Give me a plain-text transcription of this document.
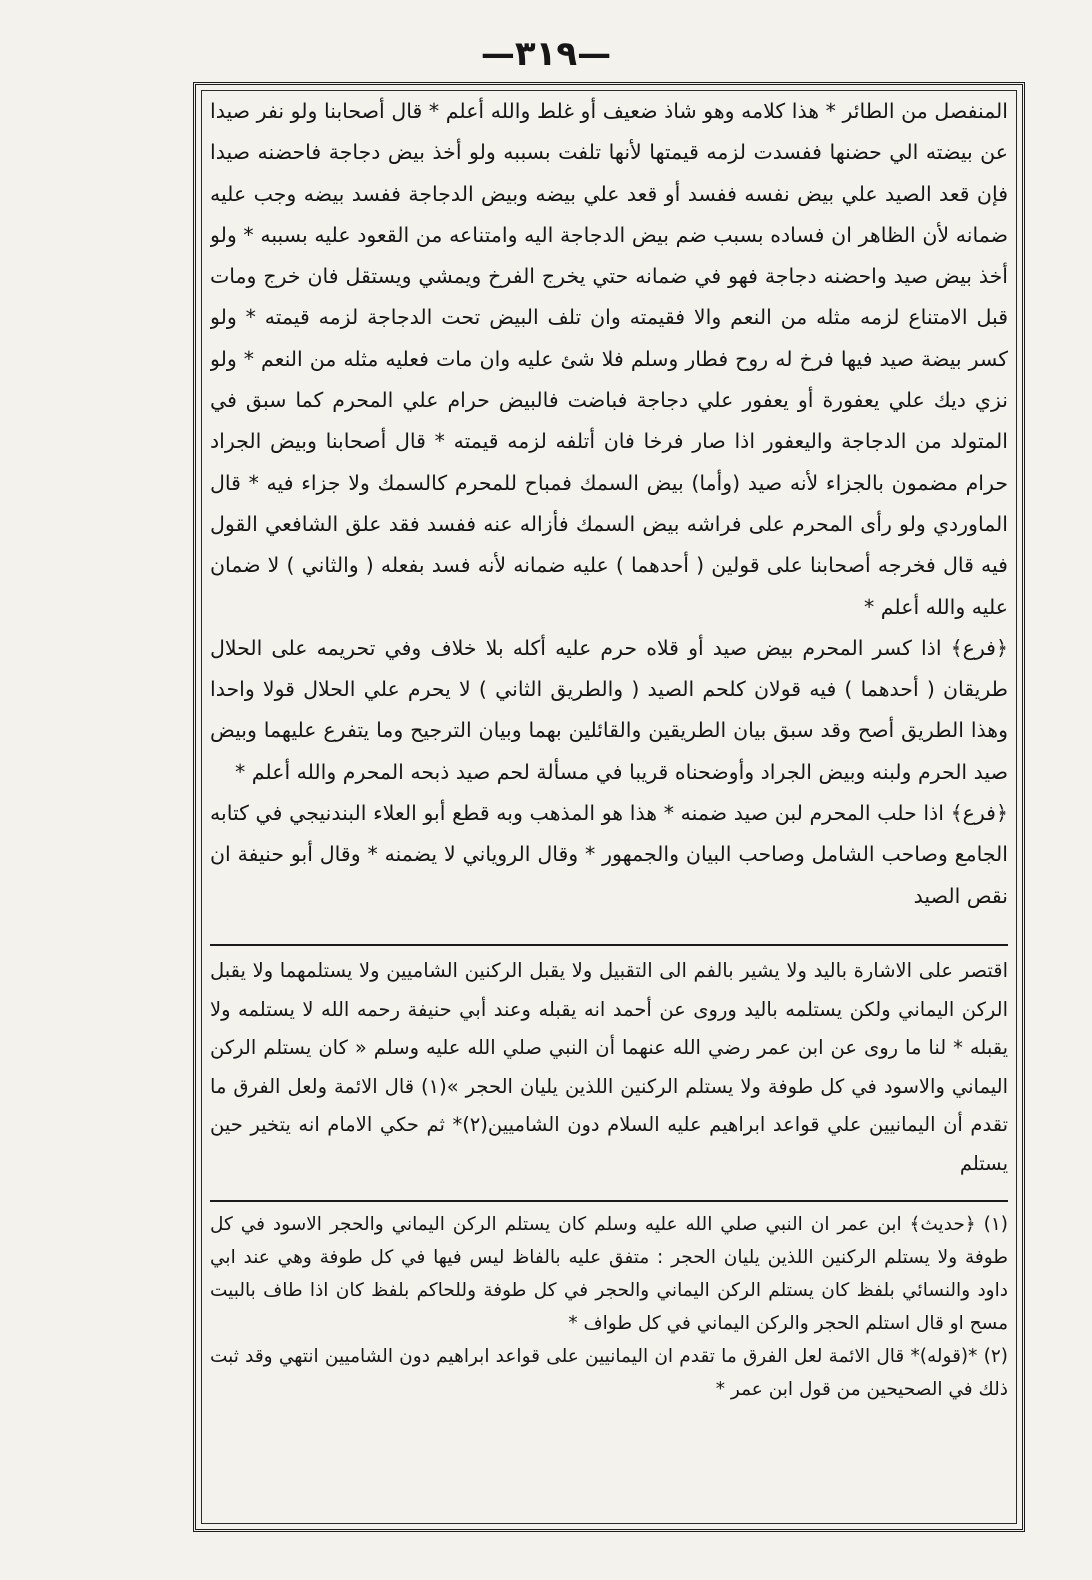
—٣١٩—

المنفصل من الطائر * هذا كلامه وهو شاذ ضعيف أو غلط والله أعلم * قال أصحابنا ولو نفر صيدا عن بيضته الي حضنها ففسدت لزمه قيمتها لأنها تلفت بسببه ولو أخذ بيض دجاجة فاحضنه صيدا فإن قعد الصيد علي بيض نفسه ففسد أو قعد علي بيضه وبيض الدجاجة ففسد بيضه وجب عليه ضمانه لأن الظاهر ان فساده بسبب ضم بيض الدجاجة اليه وامتناعه من القعود عليه بسببه * ولو أخذ بيض صيد واحضنه دجاجة فهو في ضمانه حتي يخرج الفرخ ويمشي ويستقل فان خرج ومات قبل الامتناع لزمه مثله من النعم والا فقيمته وان تلف البيض تحت الدجاجة لزمه قيمته * ولو كسر بيضة صيد فيها فرخ له روح فطار وسلم فلا شئ عليه وان مات فعليه مثله من النعم * ولو نزي ديك علي يعفورة أو يعفور علي دجاجة فباضت فالبيض حرام علي المحرم كما سبق في المتولد من الدجاجة واليعفور اذا صار فرخا فان أتلفه لزمه قيمته * قال أصحابنا وبيض الجراد حرام مضمون بالجزاء لأنه صيد (وأما) بيض السمك فمباح للمحرم كالسمك ولا جزاء فيه * قال الماوردي ولو رأى المحرم على فراشه بيض السمك فأزاله عنه ففسد فقد علق الشافعي القول فيه قال فخرجه أصحابنا على قولين ( أحدهما ) عليه ضمانه لأنه فسد بفعله ( والثاني ) لا ضمان عليه والله أعلم *

﴿فرع﴾ اذا كسر المحرم بيض صيد أو قلاه حرم عليه أكله بلا خلاف وفي تحريمه على الحلال طريقان ( أحدهما ) فيه قولان كلحم الصيد ( والطريق الثاني ) لا يحرم علي الحلال قولا واحدا وهذا الطريق أصح وقد سبق بيان الطريقين والقائلين بهما وبيان الترجيح وما يتفرع عليهما وبيض صيد الحرم ولبنه وبيض الجراد وأوضحناه قريبا في مسألة لحم صيد ذبحه المحرم والله أعلم *

﴿فرع﴾ اذا حلب المحرم لبن صيد ضمنه * هذا هو المذهب وبه قطع أبو العلاء البندنيجي في كتابه الجامع وصاحب الشامل وصاحب البيان والجمهور * وقال الروياني لا يضمنه * وقال أبو حنيفة ان نقص الصيد

اقتصر على الاشارة باليد ولا يشير بالفم الى التقبيل ولا يقبل الركنين الشاميين ولا يستلمهما ولا يقبل الركن اليماني ولكن يستلمه باليد وروى عن أحمد انه يقبله وعند أبي حنيفة رحمه الله لا يستلمه ولا يقبله * لنا ما روى عن ابن عمر رضي الله عنهما أن النبي صلي الله عليه وسلم « كان يستلم الركن اليماني والاسود في كل طوفة ولا يستلم الركنين اللذين يليان الحجر »(١) قال الائمة ولعل الفرق ما تقدم أن اليمانيين علي قواعد ابراهيم عليه السلام دون الشاميين(٢)* ثم حكي الامام انه يتخير حين يستلم

(١) ﴿حديث﴾ ابن عمر ان النبي صلي الله عليه وسلم كان يستلم الركن اليماني والحجر الاسود في كل طوفة ولا يستلم الركنين اللذين يليان الحجر : متفق عليه بالفاظ ليس فيها في كل طوفة وهي عند ابي داود والنسائي بلفظ كان يستلم الركن اليماني والحجر في كل طوفة وللحاكم بلفظ كان اذا طاف بالبيت مسح او قال استلم الحجر والركن اليماني في كل طواف *

(٢) *(قوله)* قال الائمة لعل الفرق ما تقدم ان اليمانيين على قواعد ابراهيم دون الشاميين انتهي وقد ثبت ذلك في الصحيحين من قول ابن عمر *
